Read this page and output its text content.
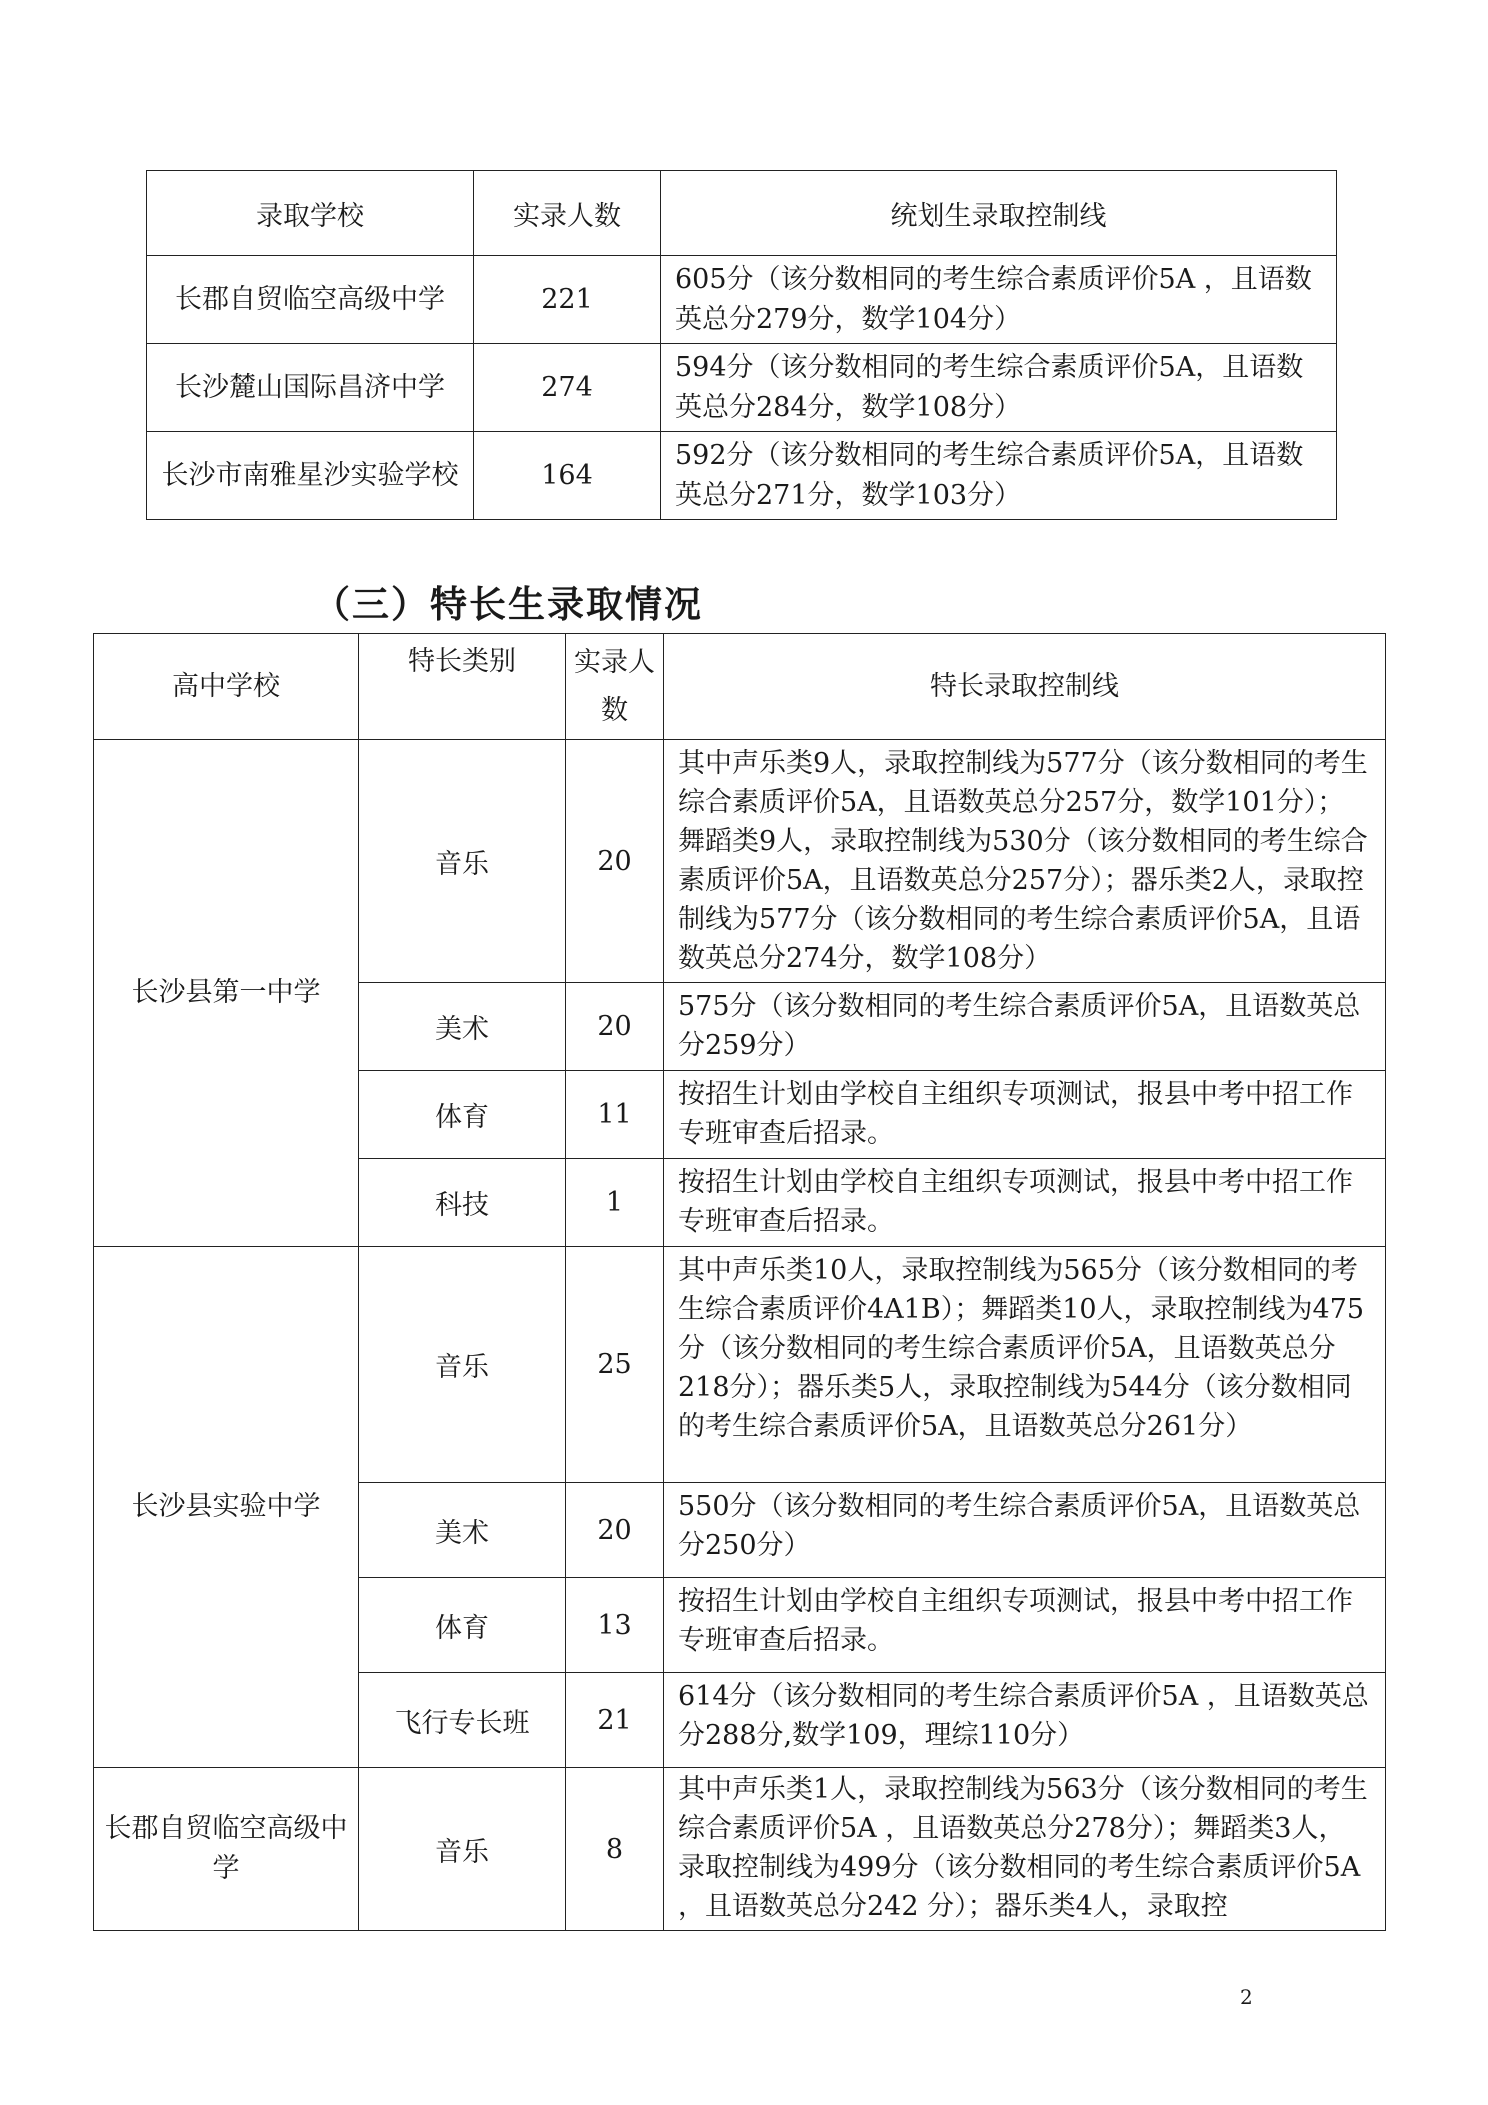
录取学校	实录人数	统划生录取控制线
长郡自贸临空高级中学	221	605分（该分数相同的考生综合素质评价5A ，且语数英总分279分，数学104分）
长沙麓山国际昌济中学	274	594分（该分数相同的考生综合素质评价5A，且语数英总分284分，数学108分）
长沙市南雅星沙实验学校	164	592分（该分数相同的考生综合素质评价5A，且语数英总分271分，数学103分）
（三）特长生录取情况
高中学校	特长类别	实录人数	特长录取控制线
长沙县第一中学	音乐	20	其中声乐类9人，录取控制线为577分（该分数相同的考生综合素质评价5A，且语数英总分257分，数学101分）；舞蹈类9人，录取控制线为530分（该分数相同的考生综合素质评价5A，且语数英总分257分）；器乐类2人，录取控制线为577分（该分数相同的考生综合素质评价5A，且语数英总分274分，数学108分）
	美术	20	575分（该分数相同的考生综合素质评价5A，且语数英总分259分）
	体育	11	按招生计划由学校自主组织专项测试，报县中考中招工作专班审查后招录。
	科技	1	按招生计划由学校自主组织专项测试，报县中考中招工作专班审查后招录。
长沙县实验中学	音乐	25	其中声乐类10人，录取控制线为565分（该分数相同的考生综合素质评价4A1B）；舞蹈类10人，录取控制线为475分（该分数相同的考生综合素质评价5A，且语数英总分218分）；器乐类5人，录取控制线为544分（该分数相同的考生综合素质评价5A，且语数英总分261分）
	美术	20	550分（该分数相同的考生综合素质评价5A，且语数英总分250分）
	体育	13	按招生计划由学校自主组织专项测试，报县中考中招工作专班审查后招录。
	飞行专长班	21	614分（该分数相同的考生综合素质评价5A ，且语数英总分288分,数学109，理综110分）
长郡自贸临空高级中学	音乐	8	其中声乐类1人，录取控制线为563分（该分数相同的考生综合素质评价5A ，且语数英总分278分）；舞蹈类3人，录取控制线为499分（该分数相同的考生综合素质评价5A ，且语数英总分242 分）；器乐类4人，录取控
2
